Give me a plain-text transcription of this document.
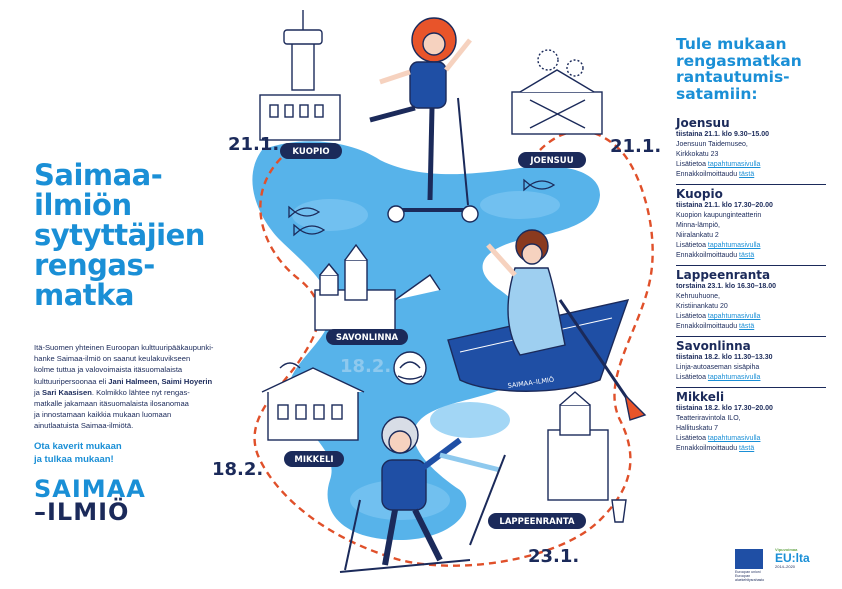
KUOPIO
JOENSUU
SAVONLINNA
MIKKELI
LAPPEENRANTA
SAIMAA–ILMIÖ
21.1.	21.1.
18.2.
18.2.
23.1.
Saimaa-
ilmiön
sytyttäjien
rengas-
matka
Itä-Suomen yhteinen Euroopan kulttuuripääkaupunki-
hanke Saimaa-ilmiö on saanut keulakuvikseen
kolme tuttua ja valovoimaista itäsuomalaista
kulttuuripersoonaa eli Jani Halmeen, Saimi Hoyerin
ja Sari Kaasisen. Kolmikko lähtee nyt rengas-
matkalle jakamaan itäsuomalaista ilosanomaa
ja innostamaan kaikkia mukaan luomaan
ainutlaatuista Saimaa-ilmiötä.
Ota kaverit mukaan
ja tulkaa mukaan!
SAIMAA
–ILMIÖ
Tule mukaan
rengasmatkan
rantautumis-
satamiin:
Joensuu
tiistaina 21.1. klo 9.30–15.00
Joensuun Taidemuseo,
Kirkkokatu 23
Lisätietoa tapahtumasivulla
Ennakkoilmoittaudu tästä
Kuopio
tiistaina 21.1. klo 17.30–20.00
Kuopion kaupunginteatterin
Minna-lämpiö,
Niiralankatu 2
Lisätietoa tapahtumasivulla
Ennakkoilmoittaudu tästä
Lappeenranta
torstaina 23.1. klo 16.30–18.00
Kehruuhuone,
Kristiinankatu 20
Lisätietoa tapahtumasivulla
Ennakkoilmoittaudu tästä
Savonlinna
tiistaina 18.2. klo 11.30–13.30
Linja-autoaseman sisäpiha
Lisätietoa tapahtumasivulla
Mikkeli
tiistaina 18.2. klo 17.30–20.00
Teatteriravintola ILO,
Hallituskatu 7
Lisätietoa tapahtumasivulla
Ennakkoilmoittaudu tästä
Euroopan unioni
Euroopan aluekehitysrahasto
Vipuvoimaa
EU:lta
2014–2020
